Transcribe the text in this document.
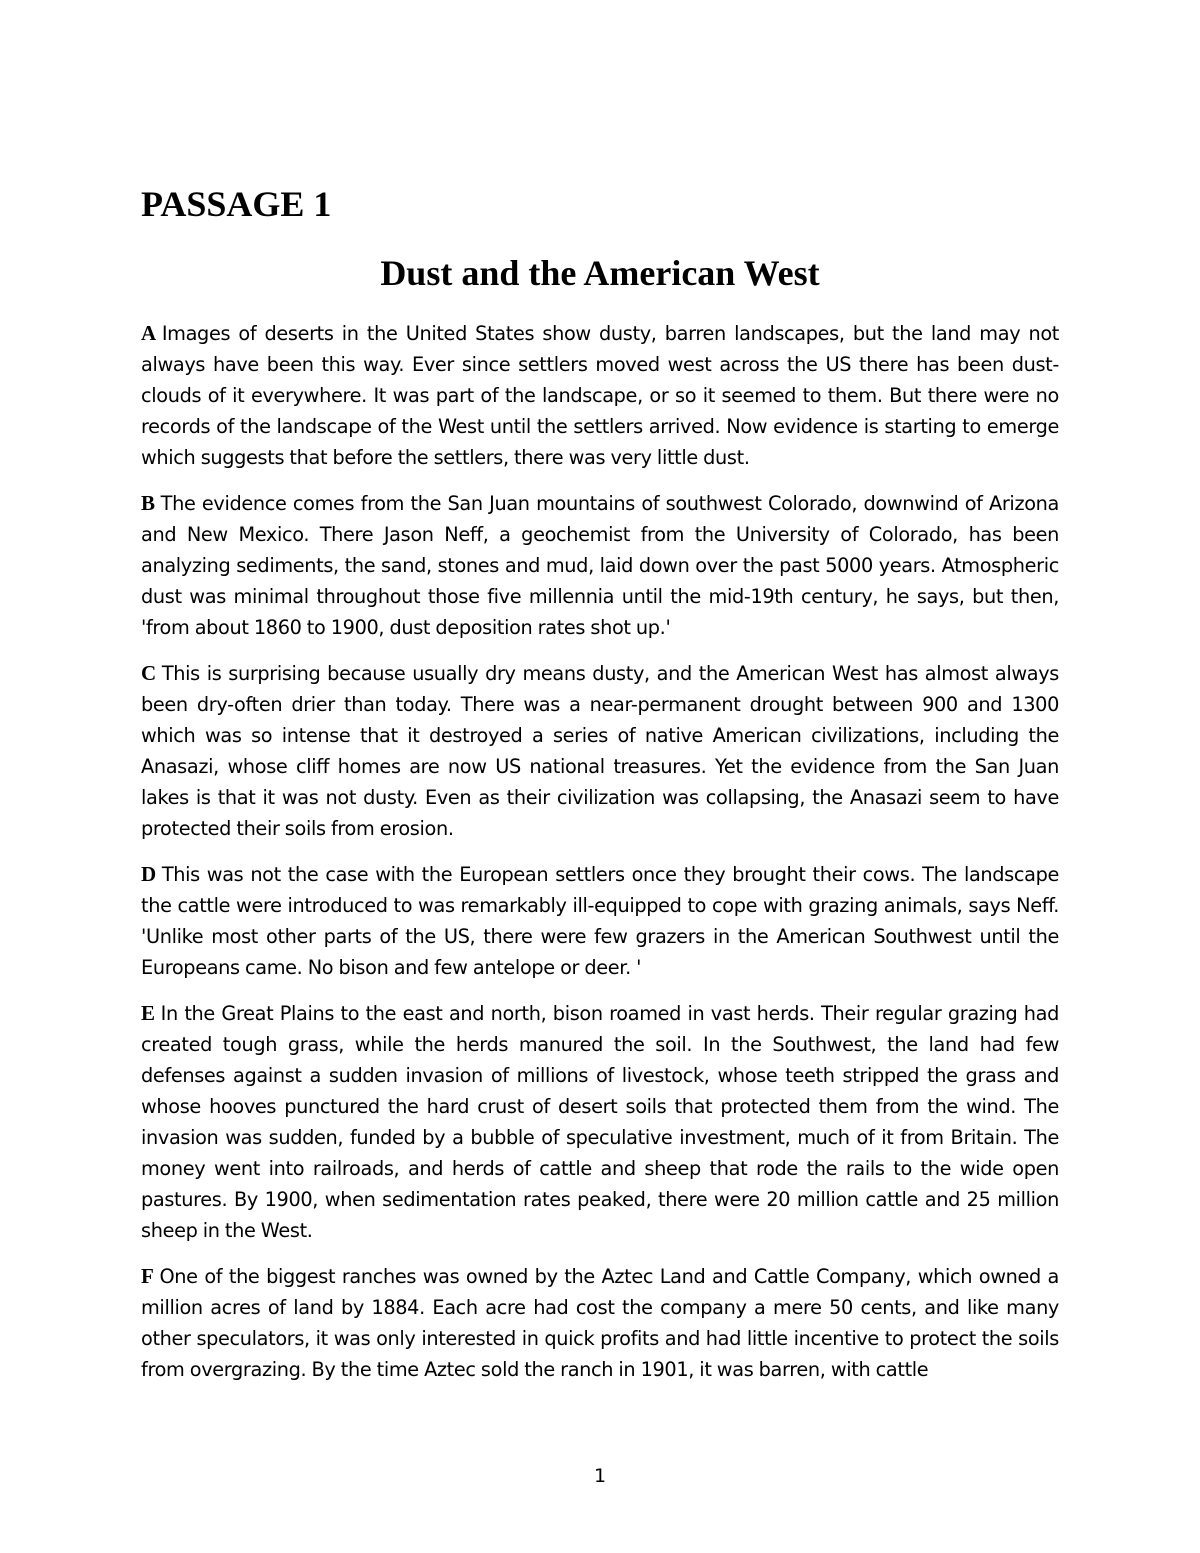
PASSAGE 1
Dust and the American West

A Images of deserts in the United States show dusty, barren landscapes, but the land may not always have been this way. Ever since settlers moved west across the US there has been dust-clouds of it everywhere. It was part of the landscape, or so it seemed to them. But there were no records of the landscape of the West until the settlers arrived. Now evidence is starting to emerge which suggests that before the settlers, there was very little dust.

B The evidence comes from the San Juan mountains of southwest Colorado, downwind of Arizona and New Mexico. There Jason Neff, a geochemist from the University of Colorado, has been analyzing sediments, the sand, stones and mud, laid down over the past 5000 years. Atmospheric dust was minimal throughout those five millennia until the mid-19th century, he says, but then, 'from about 1860 to 1900, dust deposition rates shot up.'

C This is surprising because usually dry means dusty, and the American West has almost always been dry-often drier than today. There was a near-permanent drought between 900 and 1300 which was so intense that it destroyed a series of native American civilizations, including the Anasazi, whose cliff homes are now US national treasures. Yet the evidence from the San Juan lakes is that it was not dusty. Even as their civilization was collapsing, the Anasazi seem to have protected their soils from erosion.

D This was not the case with the European settlers once they brought their cows. The landscape the cattle were introduced to was remarkably ill-equipped to cope with grazing animals, says Neff. 'Unlike most other parts of the US, there were few grazers in the American Southwest until the Europeans came. No bison and few antelope or deer. '

E In the Great Plains to the east and north, bison roamed in vast herds. Their regular grazing had created tough grass, while the herds manured the soil. In the Southwest, the land had few defenses against a sudden invasion of millions of livestock, whose teeth stripped the grass and whose hooves punctured the hard crust of desert soils that protected them from the wind. The invasion was sudden, funded by a bubble of speculative investment, much of it from Britain. The money went into railroads, and herds of cattle and sheep that rode the rails to the wide open pastures. By 1900, when sedimentation rates peaked, there were 20 million cattle and 25 million sheep in the West.

F One of the biggest ranches was owned by the Aztec Land and Cattle Company, which owned a million acres of land by 1884. Each acre had cost the company a mere 50 cents, and like many other speculators, it was only interested in quick profits and had little incentive to protect the soils from overgrazing. By the time Aztec sold the ranch in 1901, it was barren, with cattle

1
